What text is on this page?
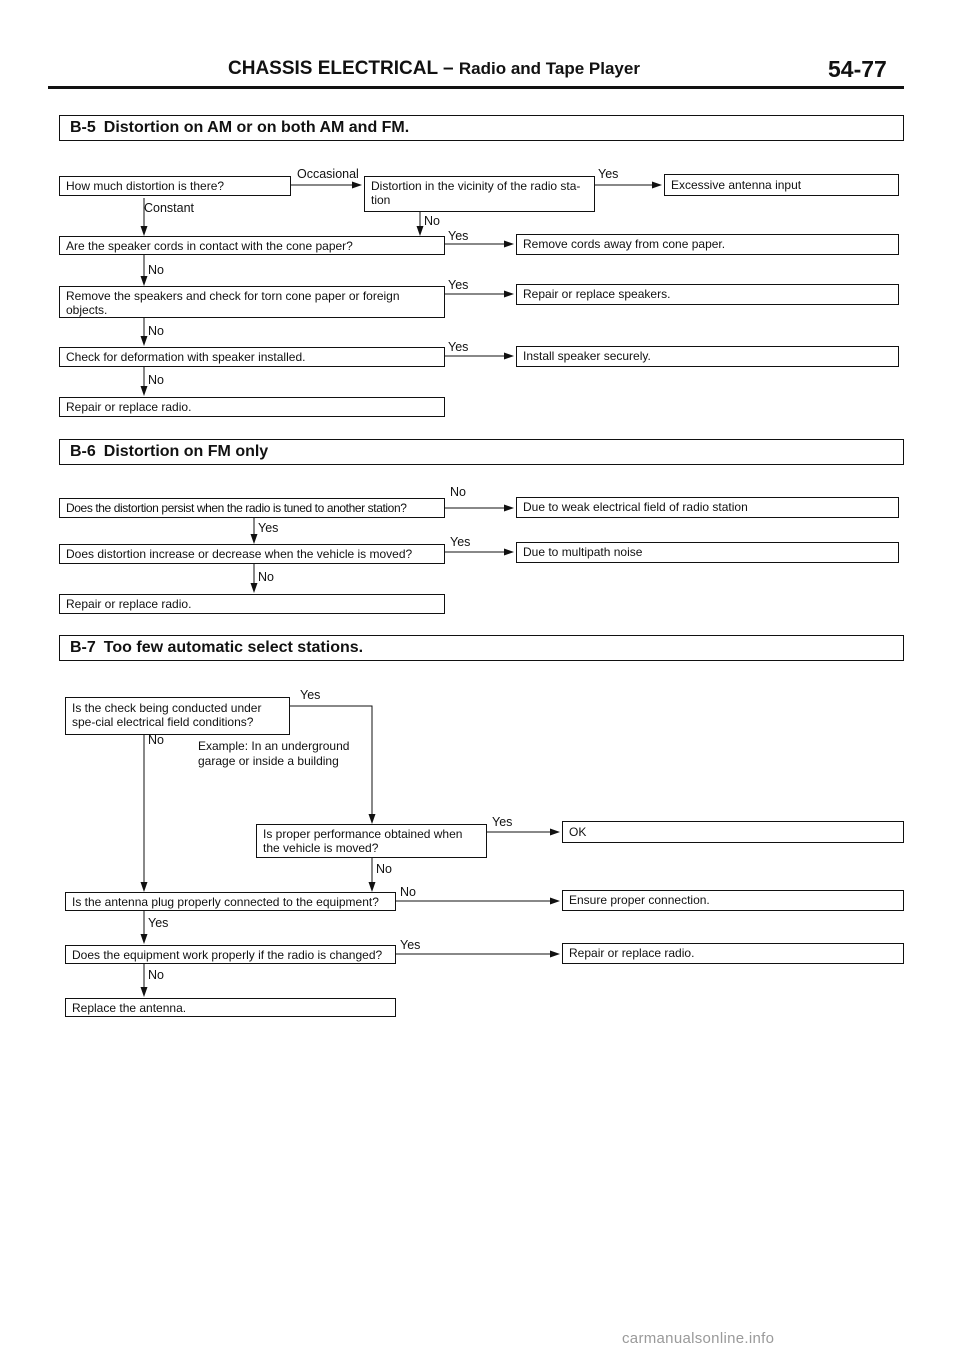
CHASSIS ELECTRICAL – Radio and Tape Player	54-77
B-5 Distortion on AM or on both AM and FM.
How much distortion is there?
Occasional
Constant
Distortion in the vicinity of the radio sta-tion
Yes
Excessive antenna input
No
Yes
Are the speaker cords in contact with the cone paper?	Remove cords away from cone paper.
No
Yes
Remove the speakers and check for torn cone paper or foreign objects.
Repair or replace speakers.
No
Yes
Check for deformation with speaker installed.	Install speaker securely.
No
Repair or replace radio.
B-6 Distortion on FM only
No
Does the distortion persist when the radio is tuned to another station?	Due to weak electrical field of radio station
Yes
Yes
Does distortion increase or decrease when the vehicle is moved?	Due to multipath noise
No
Repair or replace radio.
B-7 Too few automatic select stations.
Yes
Is the check being conducted under spe-cial electrical field conditions?
No	Example: In an underground
garage or inside a building
Yes
Is proper performance obtained when the vehicle is moved?
OK
No
No
Is the antenna plug properly connected to the equipment?	Ensure proper connection.
Yes
Yes
Does the equipment work properly if the radio is changed?	Repair or replace radio.
No
Replace the antenna.
carmanualsonline.info
